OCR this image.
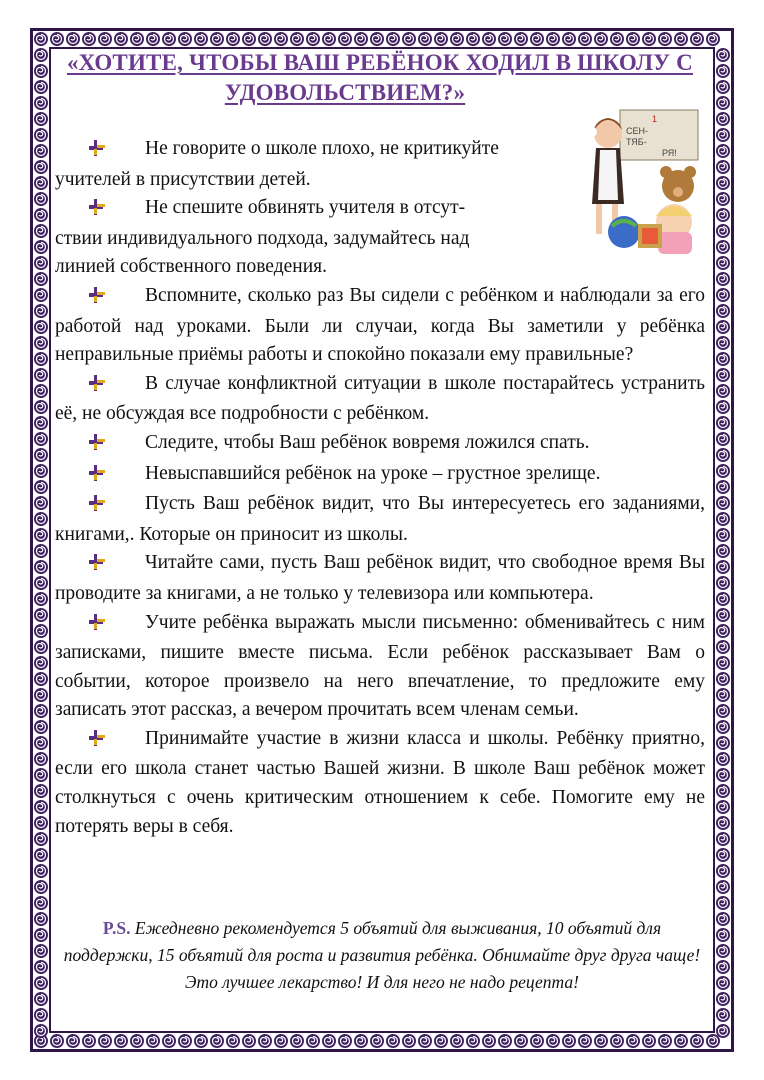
«ХОТИТЕ, ЧТОБЫ ВАШ РЕБЁНОК ХОДИЛ В ШКОЛУ С
УДОВОЛЬСТВИЕМ?»
1
СЕН-
ТЯБ-
РЯ!

Не говорите о школе плохо, не критикуйте
учителей в присутствии детей.

Не спешите обвинять учителя в отсут-
ствии индивидуального подхода, задумайтесь над
линией собственного поведения.

Вспомните, сколько раз Вы сидели с ребёнком и наблюдали за его работой над уроками. Были ли случаи, когда Вы заметили у ребёнка неправильные приёмы работы и спокойно показали ему правильные?

В случае конфликтной ситуации в школе постарайтесь устранить её, не обсуждая все подробности с ребёнком.

Следите, чтобы Ваш ребёнок вовремя ложился спать.

Невыспавшийся ребёнок на уроке – грустное зрелище.

Пусть Ваш ребёнок видит, что Вы интересуетесь его заданиями, книгами,. Которые он приносит из школы.

Читайте сами, пусть Ваш ребёнок видит, что свободное время Вы проводите за книгами, а не только у телевизора или компьютера.

Учите ребёнка выражать мысли письменно: обменивайтесь с ним записками, пишите вместе письма. Если ребёнок рассказывает Вам о событии, которое произвело на него впечатление, то предложите ему записать этот рассказ, а вечером прочитать всем членам семьи.

Принимайте участие в жизни класса и школы. Ребёнку приятно, если его школа станет частью Вашей жизни. В школе Ваш ребёнок может столкнуться с очень критическим отношением к себе. Помогите ему не потерять веры в себя.

P.S. Ежедневно рекомендуется 5 объятий для выживания, 10 объятий для поддержки, 15 объятий для роста и развития ребёнка. Обнимайте друг друга чаще! Это лучшее лекарство! И для него не надо рецепта!
